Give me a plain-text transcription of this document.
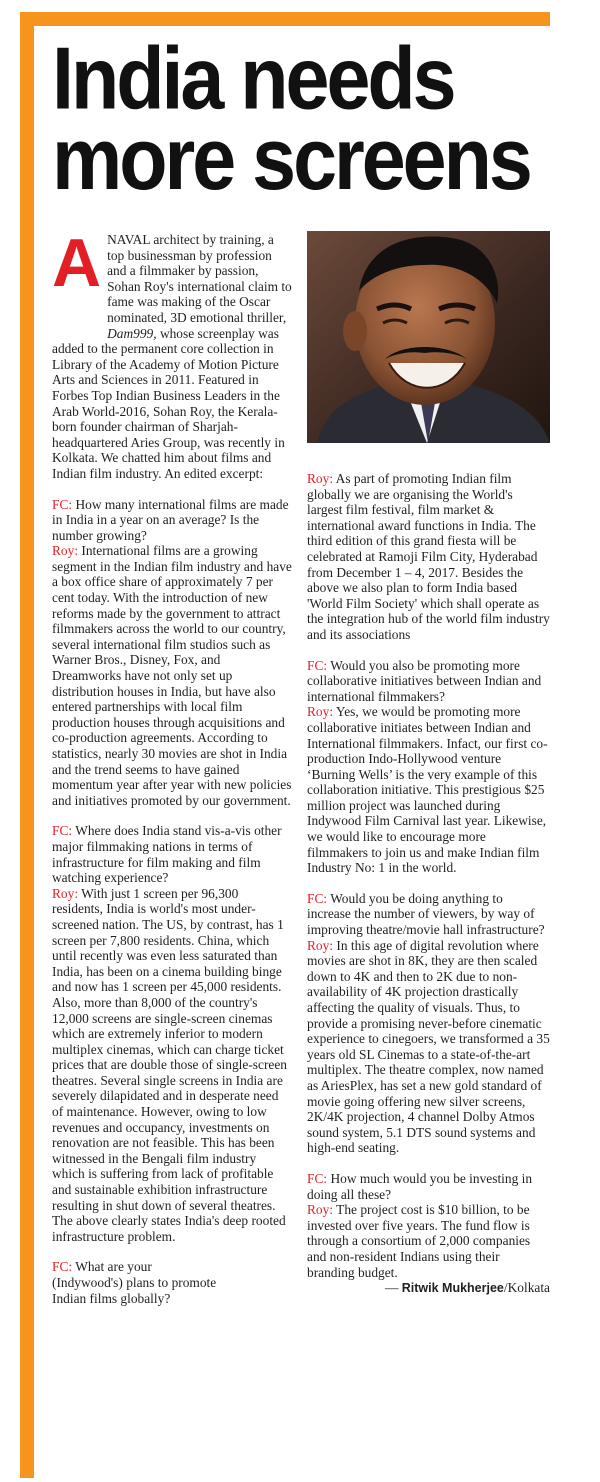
India needs
more screens

ANAVAL architect by training, a top businessman by profession and a filmmaker by passion, Sohan Roy's international claim to fame was making of the Oscar nominated, 3D emotional thriller, Dam999, whose screenplay was added to the permanent core collection in Library of the Academy of Motion Picture Arts and Sciences in 2011. Featured in Forbes Top Indian Business Leaders in the Arab World-2016, Sohan Roy, the Kerala-born founder chairman of Sharjah-headquartered Aries Group, was recently in Kolkata. We chatted him about films and Indian film industry. An edited excerpt:

FC: How many international films are made in India in a year on an average? Is the number growing?
Roy: International films are a growing segment in the Indian film industry and have a box office share of approximately 7 per cent today. With the introduction of new reforms made by the government to attract filmmakers across the world to our country, several international film studios such as Warner Bros., Disney, Fox, and Dreamworks have not only set up distribution houses in India, but have also entered partnerships with local film production houses through acquisitions and co-production agreements. According to statistics, nearly 30 movies are shot in India and the trend seems to have gained momentum year after year with new policies and initiatives promoted by our government.

FC: Where does India stand vis-a-vis other major filmmaking nations in terms of infrastructure for film making and film watching experience?
Roy: With just 1 screen per 96,300 residents, India is world's most under-screened nation. The US, by contrast, has 1 screen per 7,800 residents. China, which until recently was even less saturated than India, has been on a cinema building binge and now has 1 screen per 45,000 residents. Also, more than 8,000 of the country's 12,000 screens are single-screen cinemas which are extremely inferior to modern multiplex cinemas, which can charge ticket prices that are double those of single-screen theatres. Several single screens in India are severely dilapidated and in desperate need of maintenance. However, owing to low revenues and occupancy, investments on renovation are not feasible. This has been witnessed in the Bengali film industry which is suffering from lack of profitable and sustainable exhibition infrastructure resulting in shut down of several theatres. The above clearly states India's deep rooted infrastructure problem.

FC: What are your (Indywood's) plans to promote Indian films globally?

Roy: As part of promoting Indian film globally we are organising the World's largest film festival, film market & international award functions in India. The third edition of this grand fiesta will be celebrated at Ramoji Film City, Hyderabad from December 1 – 4, 2017. Besides the above we also plan to form India based 'World Film Society' which shall operate as the integration hub of the world film industry and its associations

FC: Would you also be promoting more collaborative initiatives between Indian and international filmmakers?
Roy: Yes, we would be promoting more collaborative initiates between Indian and International filmmakers. Infact, our first co-production Indo-Hollywood venture ‘Burning Wells’ is the very example of this collaboration initiative. This prestigious $25 million project was launched during Indywood Film Carnival last year. Likewise, we would like to encourage more filmmakers to join us and make Indian film Industry No: 1 in the world.

FC: Would you be doing anything to increase the number of viewers, by way of improving theatre/movie hall infrastructure?
Roy: In this age of digital revolution where movies are shot in 8K, they are then scaled down to 4K and then to 2K due to non-availability of 4K projection drastically affecting the quality of visuals. Thus, to provide a promising never-before cinematic experience to cinegoers, we transformed a 35 years old SL Cinemas to a state-of-the-art multiplex. The theatre complex, now named as AriesPlex, has set a new gold standard of movie going offering new silver screens, 2K/4K projection, 4 channel Dolby Atmos sound system, 5.1 DTS sound systems and high-end seating.

FC: How much would you be investing in doing all these?
Roy: The project cost is $10 billion, to be invested over five years. The fund flow is through a consortium of 2,000 companies and non-resident Indians using their branding budget.

— Ritwik Mukherjee/Kolkata
